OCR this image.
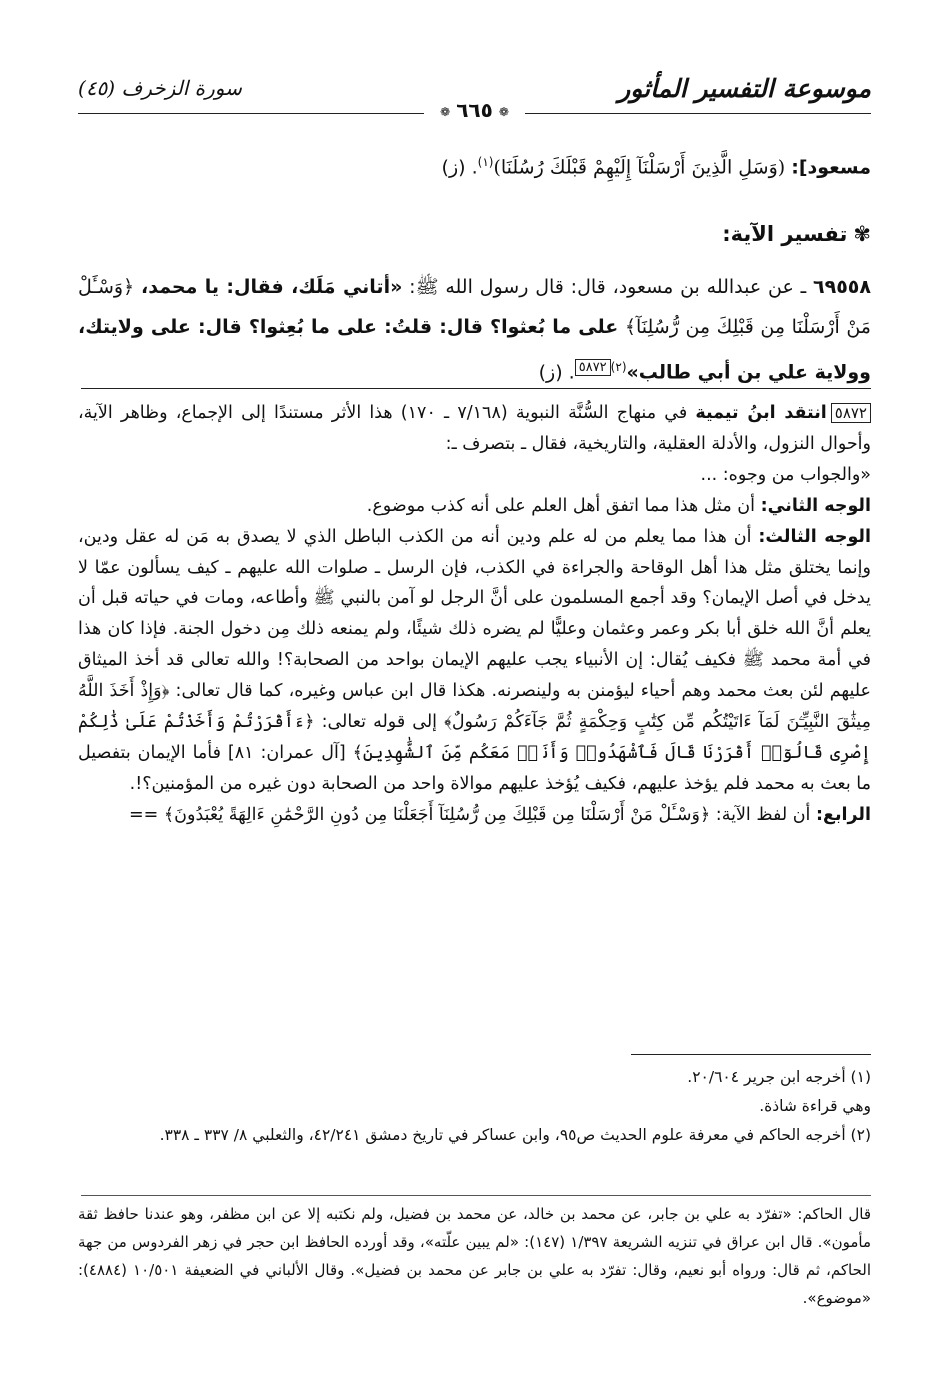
موسوعة التفسير المأثور
سورة الزخرف (٤٥)
❁٦٦٥❁

مسعود]: (وَسَلِ الَّذِينَ أَرْسَلْنَآ إِلَيْهِمْ قَبْلَكَ رُسُلَنَا)$^{(١)}$. (ز)

✾تفسير الآية:

٦٩٥٥٨ ـ عن عبدالله بن مسعود، قال: قال رسول الله ﷺ: «أتاني مَلَك، فقال: يا محمد، ﴿وَسْـَٔلْ مَنْ أَرْسَلْنَا مِن قَبْلِكَ مِن رُّسُلِنَآ﴾ على ما بُعثوا؟ قال: قلتُ: على ما بُعِثوا؟ قال: على ولايتك، وولاية علي بن أبي طالب»$^{(٢)}$٥٨٧٢. (ز)

٥٨٧٢انتقد ابنُ تيمية في منهاج السُّنَّة النبوية (٧/١٦٨ ـ ١٧٠) هذا الأثر مستندًا إلى الإجماع، وظاهر الآية، وأحوال النزول، والأدلة العقلية، والتاريخية، فقال ـ بتصرف ـ:

«والجواب من وجوه: ...

الوجه الثاني: أن مثل هذا مما اتفق أهل العلم على أنه كذب موضوع.

الوجه الثالث: أن هذا مما يعلم من له علم ودين أنه من الكذب الباطل الذي لا يصدق به مَن له عقل ودين، وإنما يختلق مثل هذا أهل الوقاحة والجراءة في الكذب، فإن الرسل ـ صلوات الله عليهم ـ كيف يسألون عمّا لا يدخل في أصل الإيمان؟ وقد أجمع المسلمون على أنَّ الرجل لو آمن بالنبي ﷺ وأطاعه، ومات في حياته قبل أن يعلم أنَّ الله خلق أبا بكر وعمر وعثمان وعليًّا لم يضره ذلك شيئًا، ولم يمنعه ذلك مِن دخول الجنة. فإذا كان هذا في أمة محمد ﷺ فكيف يُقال: إن الأنبياء يجب عليهم الإيمان بواحد من الصحابة؟! والله تعالى قد أخذ الميثاق عليهم لئن بعث محمد وهم أحياء ليؤمنن به ولينصرنه. هكذا قال ابن عباس وغيره، كما قال تعالى: ﴿وَإِذْ أَخَذَ اللَّهُ مِيثَٰقَ النَّبِيِّـۧنَ لَمَآ ءَاتَيْتُكُم مِّن كِتَٰبٍ وَحِكْمَةٍ ثُمَّ جَآءَكُمْ رَسُولٌ﴾ إلى قوله تعالى: ﴿ءَأَقْرَرْتُمْ وَأَخَذْتُمْ عَلَىٰ ذَٰلِكُمْ إِصْرِى قَالُوٓا۟ أَقْرَرْنَا قَالَ فَٱشْهَدُوا۟ وَأَنَا۠ مَعَكُم مِّنَ ٱلشَّٰهِدِينَ﴾ [آل عمران: ٨١] فأما الإيمان بتفصيل ما بعث به محمد فلم يؤخذ عليهم، فكيف يُؤخذ عليهم موالاة واحد من الصحابة دون غيره من المؤمنين؟!.

الرابع: أن لفظ الآية: ﴿وَسْـَٔلْ مَنْ أَرْسَلْنَا مِن قَبْلِكَ مِن رُّسُلِنَآ أَجَعَلْنَا مِن دُونِ الرَّحْمَٰنِ ءَالِهَةً يُعْبَدُونَ﴾ ==

(١) أخرجه ابن جرير ٢٠/٦٠٤.

وهي قراءة شاذة.

(٢) أخرجه الحاكم في معرفة علوم الحديث ص٩٥، وابن عساكر في تاريخ دمشق ٤٢/٢٤١، والثعلبي ٨/ ٣٣٧ ـ ٣٣٨.

قال الحاكم: «تفرّد به علي بن جابر، عن محمد بن خالد، عن محمد بن فضيل، ولم نكتبه إلا عن ابن مظفر، وهو عندنا حافظ ثقة مأمون». قال ابن عراق في تنزيه الشريعة ١/٣٩٧ (١٤٧): «لم يبين علّته»، وقد أورده الحافظ ابن حجر في زهر الفردوس من جهة الحاكم، ثم قال: ورواه أبو نعيم، وقال: تفرّد به علي بن جابر عن محمد بن فضيل». وقال الألباني في الضعيفة ١٠/٥٠١ (٤٨٨٤): «موضوع».
